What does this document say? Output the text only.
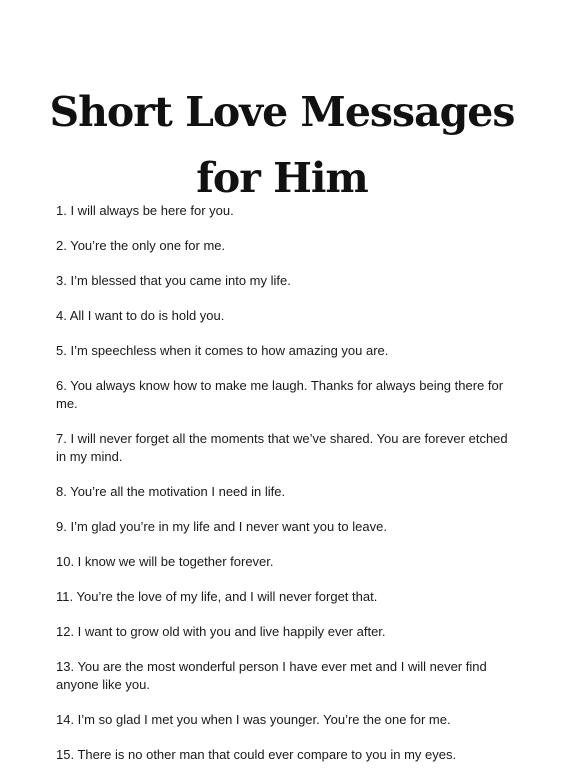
Short Love Messages
for Him
1. I will always be here for you.
2. You’re the only one for me.
3. I’m blessed that you came into my life.
4. All I want to do is hold you.
5. I’m speechless when it comes to how amazing you are.
6. You always know how to make me laugh. Thanks for always being there for me.
7. I will never forget all the moments that we’ve shared. You are forever etched in my mind.
8. You’re all the motivation I need in life.
9. I’m glad you’re in my life and I never want you to leave.
10. I know we will be together forever.
11. You’re the love of my life, and I will never forget that.
12. I want to grow old with you and live happily ever after.
13. You are the most wonderful person I have ever met and I will never find anyone like you.
14. I’m so glad I met you when I was younger. You’re the one for me.
15. There is no other man that could ever compare to you in my eyes.
